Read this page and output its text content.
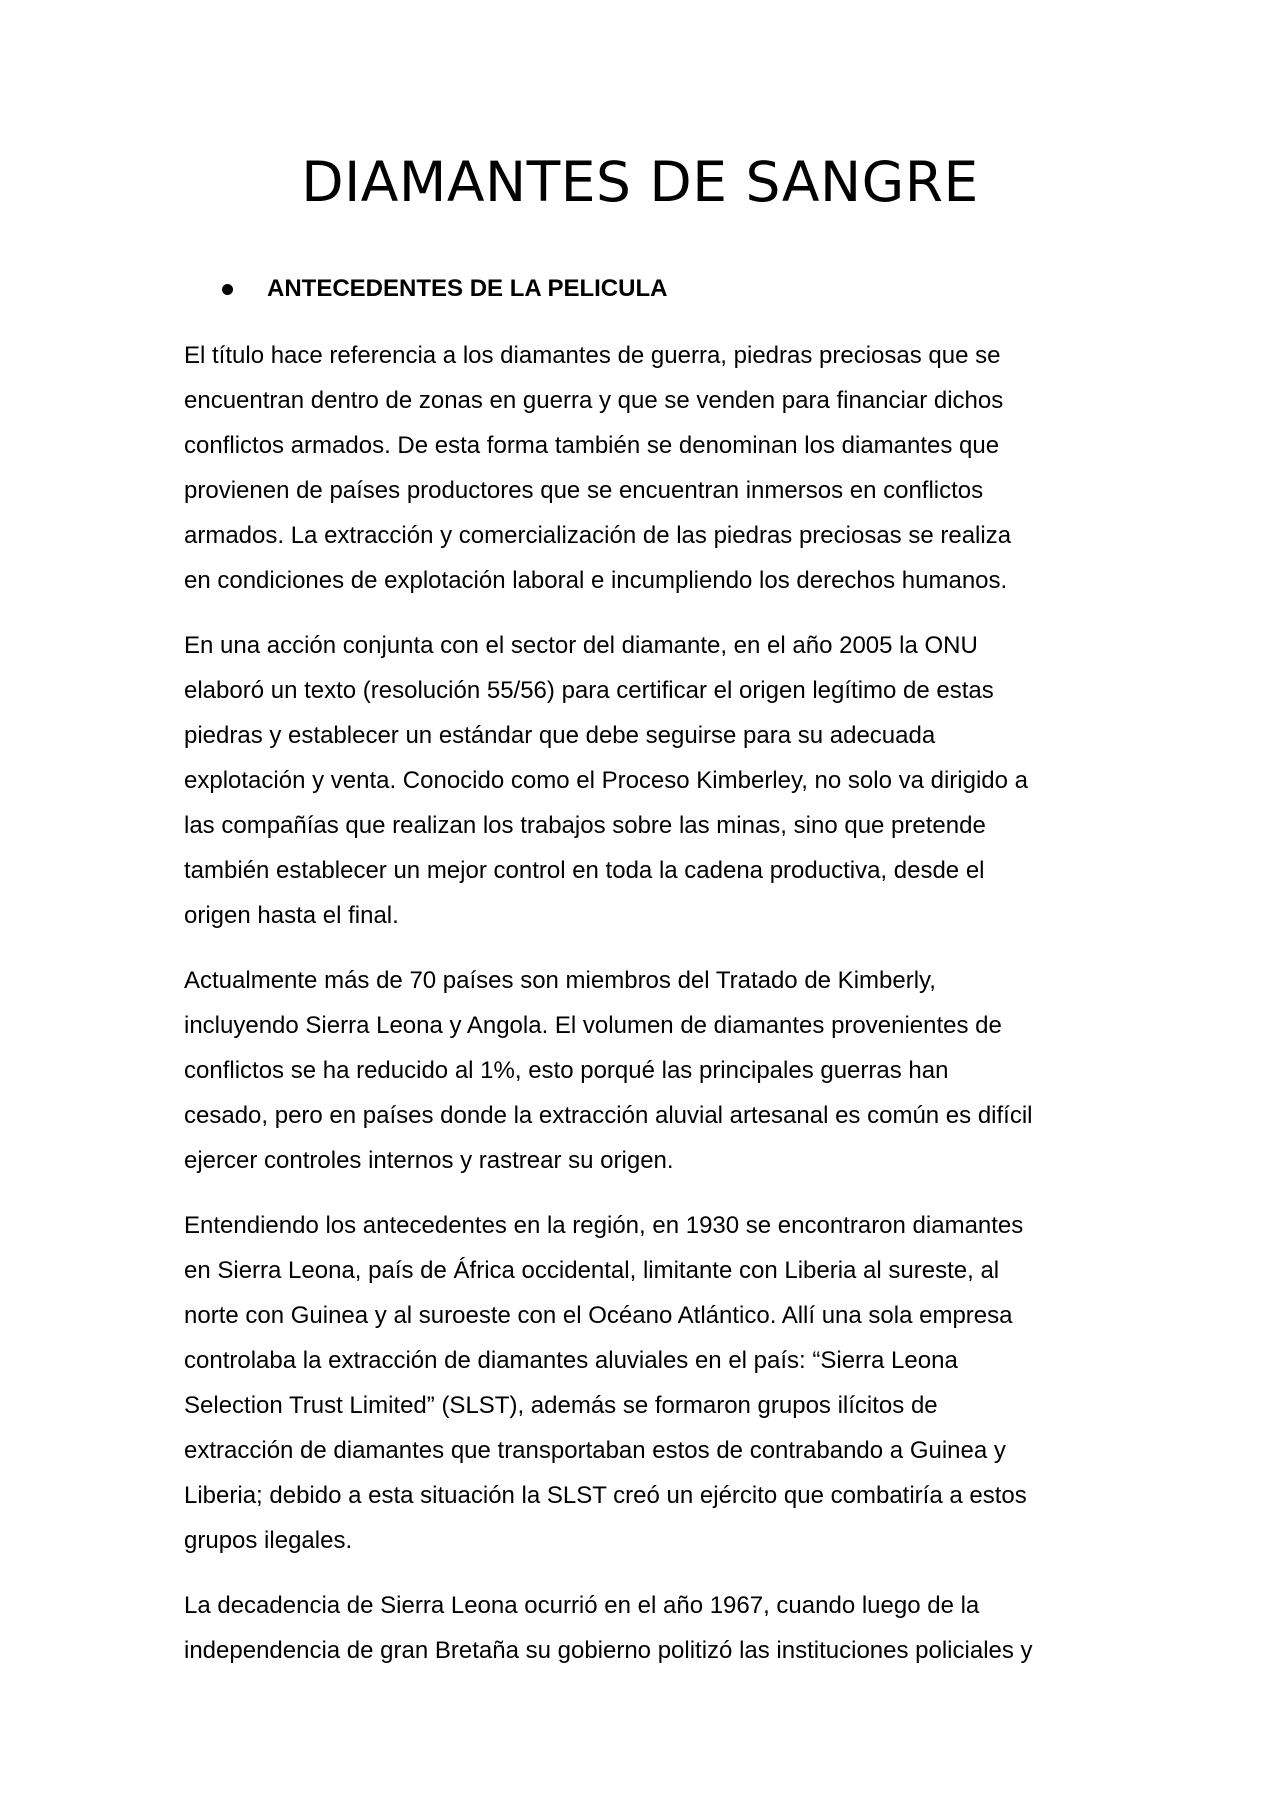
DIAMANTES DE SANGRE
ANTECEDENTES DE LA PELICULA

El título hace referencia a los diamantes de guerra, piedras preciosas que se
encuentran dentro de zonas en guerra y que se venden para financiar dichos
conflictos armados. De esta forma también se denominan los diamantes que
provienen de países productores que se encuentran inmersos en conflictos
armados. La extracción y comercialización de las piedras preciosas se realiza
en condiciones de explotación laboral e incumpliendo los derechos humanos.

En una acción conjunta con el sector del diamante, en el año 2005 la ONU
elaboró un texto (resolución 55/56) para certificar el origen legítimo de estas
piedras y establecer un estándar que debe seguirse para su adecuada
explotación y venta. Conocido como el Proceso Kimberley, no solo va dirigido a
las compañías que realizan los trabajos sobre las minas, sino que pretende
también establecer un mejor control en toda la cadena productiva, desde el
origen hasta el final.

Actualmente más de 70 países son miembros del Tratado de Kimberly,
incluyendo Sierra Leona y Angola. El volumen de diamantes provenientes de
conflictos se ha reducido al 1%, esto porqué las principales guerras han
cesado, pero en países donde la extracción aluvial artesanal es común es difícil
ejercer controles internos y rastrear su origen.

Entendiendo los antecedentes en la región, en 1930 se encontraron diamantes
en Sierra Leona, país de África occidental, limitante con Liberia al sureste, al
norte con Guinea y al suroeste con el Océano Atlántico. Allí una sola empresa
controlaba la extracción de diamantes aluviales en el país: “Sierra Leona
Selection Trust Limited” (SLST), además se formaron grupos ilícitos de
extracción de diamantes que transportaban estos de contrabando a Guinea y
Liberia; debido a esta situación la SLST creó un ejército que combatiría a estos
grupos ilegales.

La decadencia de Sierra Leona ocurrió en el año 1967, cuando luego de la
independencia de gran Bretaña su gobierno politizó las instituciones policiales y
